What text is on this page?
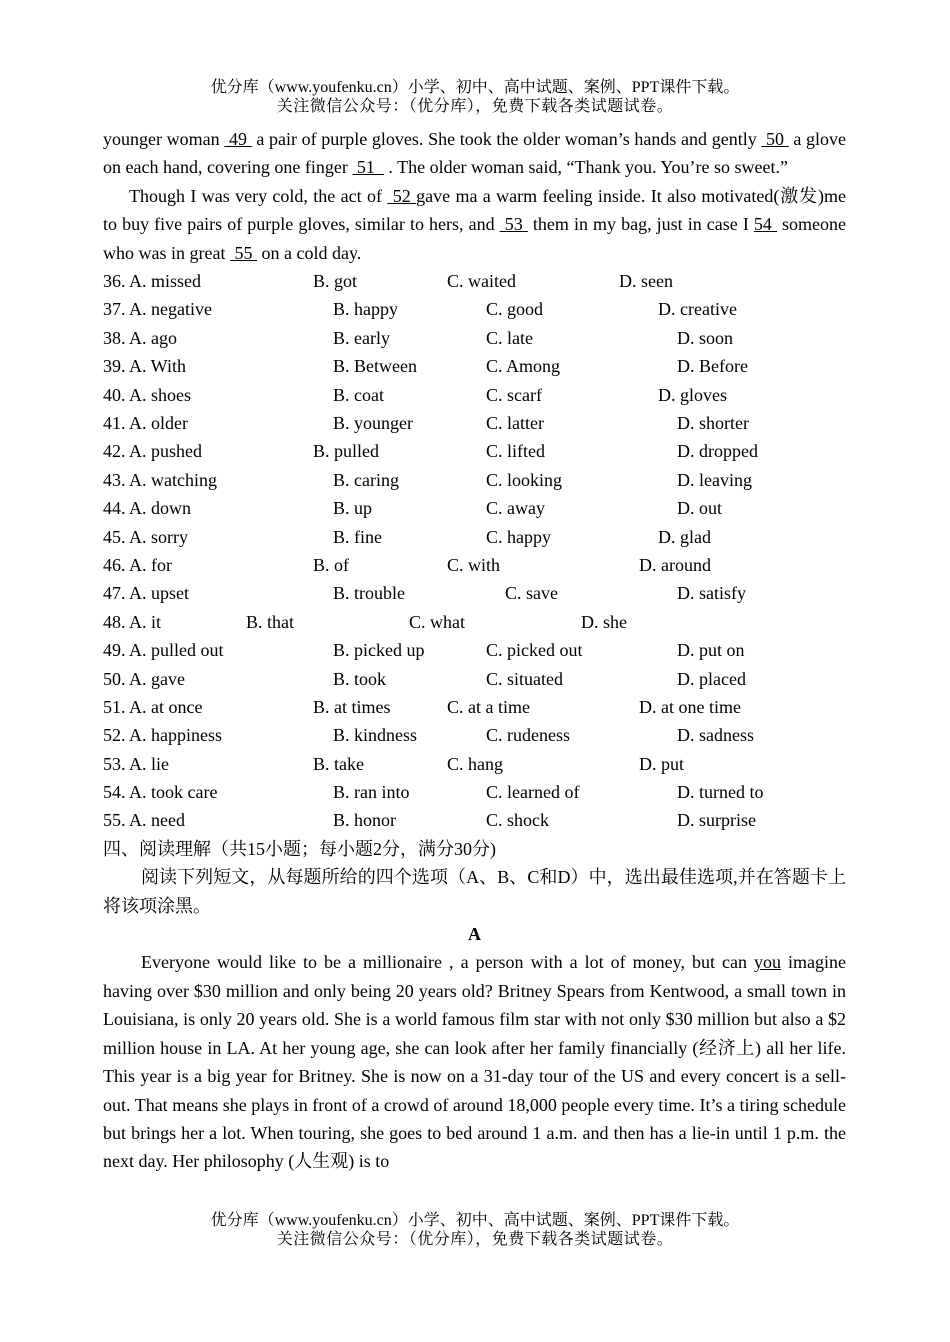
优分库（www.youfenku.cn）小学、初中、高中试题、案例、PPT课件下载。
关注微信公众号：（优分库），免费下载各类试题试卷。

younger woman  49  a pair of purple gloves. She took the older woman’s hands and gently  50  a glove on each hand, covering one finger  51   . The older woman said, “Thank you. You’re so sweet.”

Though I was very cold, the act of  52 gave ma a warm feeling inside. It also motivated(激发)me to buy five pairs of purple gloves, similar to hers, and  53  them in my bag, just in case I 54  someone who was in great  55  on a cold day.

36. A. missed	B. got	C. waited	D. seen
37. A. negative	B. happy	C. good	D. creative
38. A. ago	B. early	C. late	D. soon
39. A. With	B. Between	C. Among	D. Before
40. A. shoes	B. coat	C. scarf	D. gloves
41. A. older	B. younger	C. latter	D. shorter
42. A. pushed	B. pulled	C. lifted	D. dropped
43. A. watching	B. caring	C. looking	D. leaving
44. A. down	B. up	C. away	D. out
45. A. sorry	B. fine	C. happy	D. glad
46. A. for	B. of	C. with	D. around
47. A. upset	B. trouble	C. save	D. satisfy
48. A. it	B. that	C. what	D. she
49. A. pulled out	B. picked up	C. picked out	D. put on
50. A. gave	B. took	C. situated	D. placed
51. A. at once	B. at times	C. at a time	D. at one time
52. A. happiness	B. kindness	C. rudeness	D. sadness
53. A. lie	B. take	C. hang	D. put
54. A. took care	B. ran into	C. learned of	D. turned to
55. A. need	B. honor	C. shock	D. surprise

四、阅读理解（共15小题；每小题2分，满分30分)

阅读下列短文，从每题所给的四个选项（A、B、C和D）中，选出最佳选项,并在答题卡上将该项涂黑。

A

Everyone would like to be a millionaire , a person with a lot of money, but can you imagine having over $30 million and only being 20 years old? Britney Spears from Kentwood, a small town in Louisiana, is only 20 years old. She is a world famous film star with not only $30 million but also a $2 million house in LA. At her young age, she can look after her family financially (经济上) all her life. This year is a big year for Britney. She is now on a 31-day tour of the US and every concert is a sell-out. That means she plays in front of a crowd of around 18,000 people every time. It’s a tiring schedule but brings her a lot. When touring, she goes to bed around 1 a.m. and then has a lie-in until 1 p.m. the next day. Her philosophy (人生观) is to

优分库（www.youfenku.cn）小学、初中、高中试题、案例、PPT课件下载。
关注微信公众号：（优分库），免费下载各类试题试卷。
